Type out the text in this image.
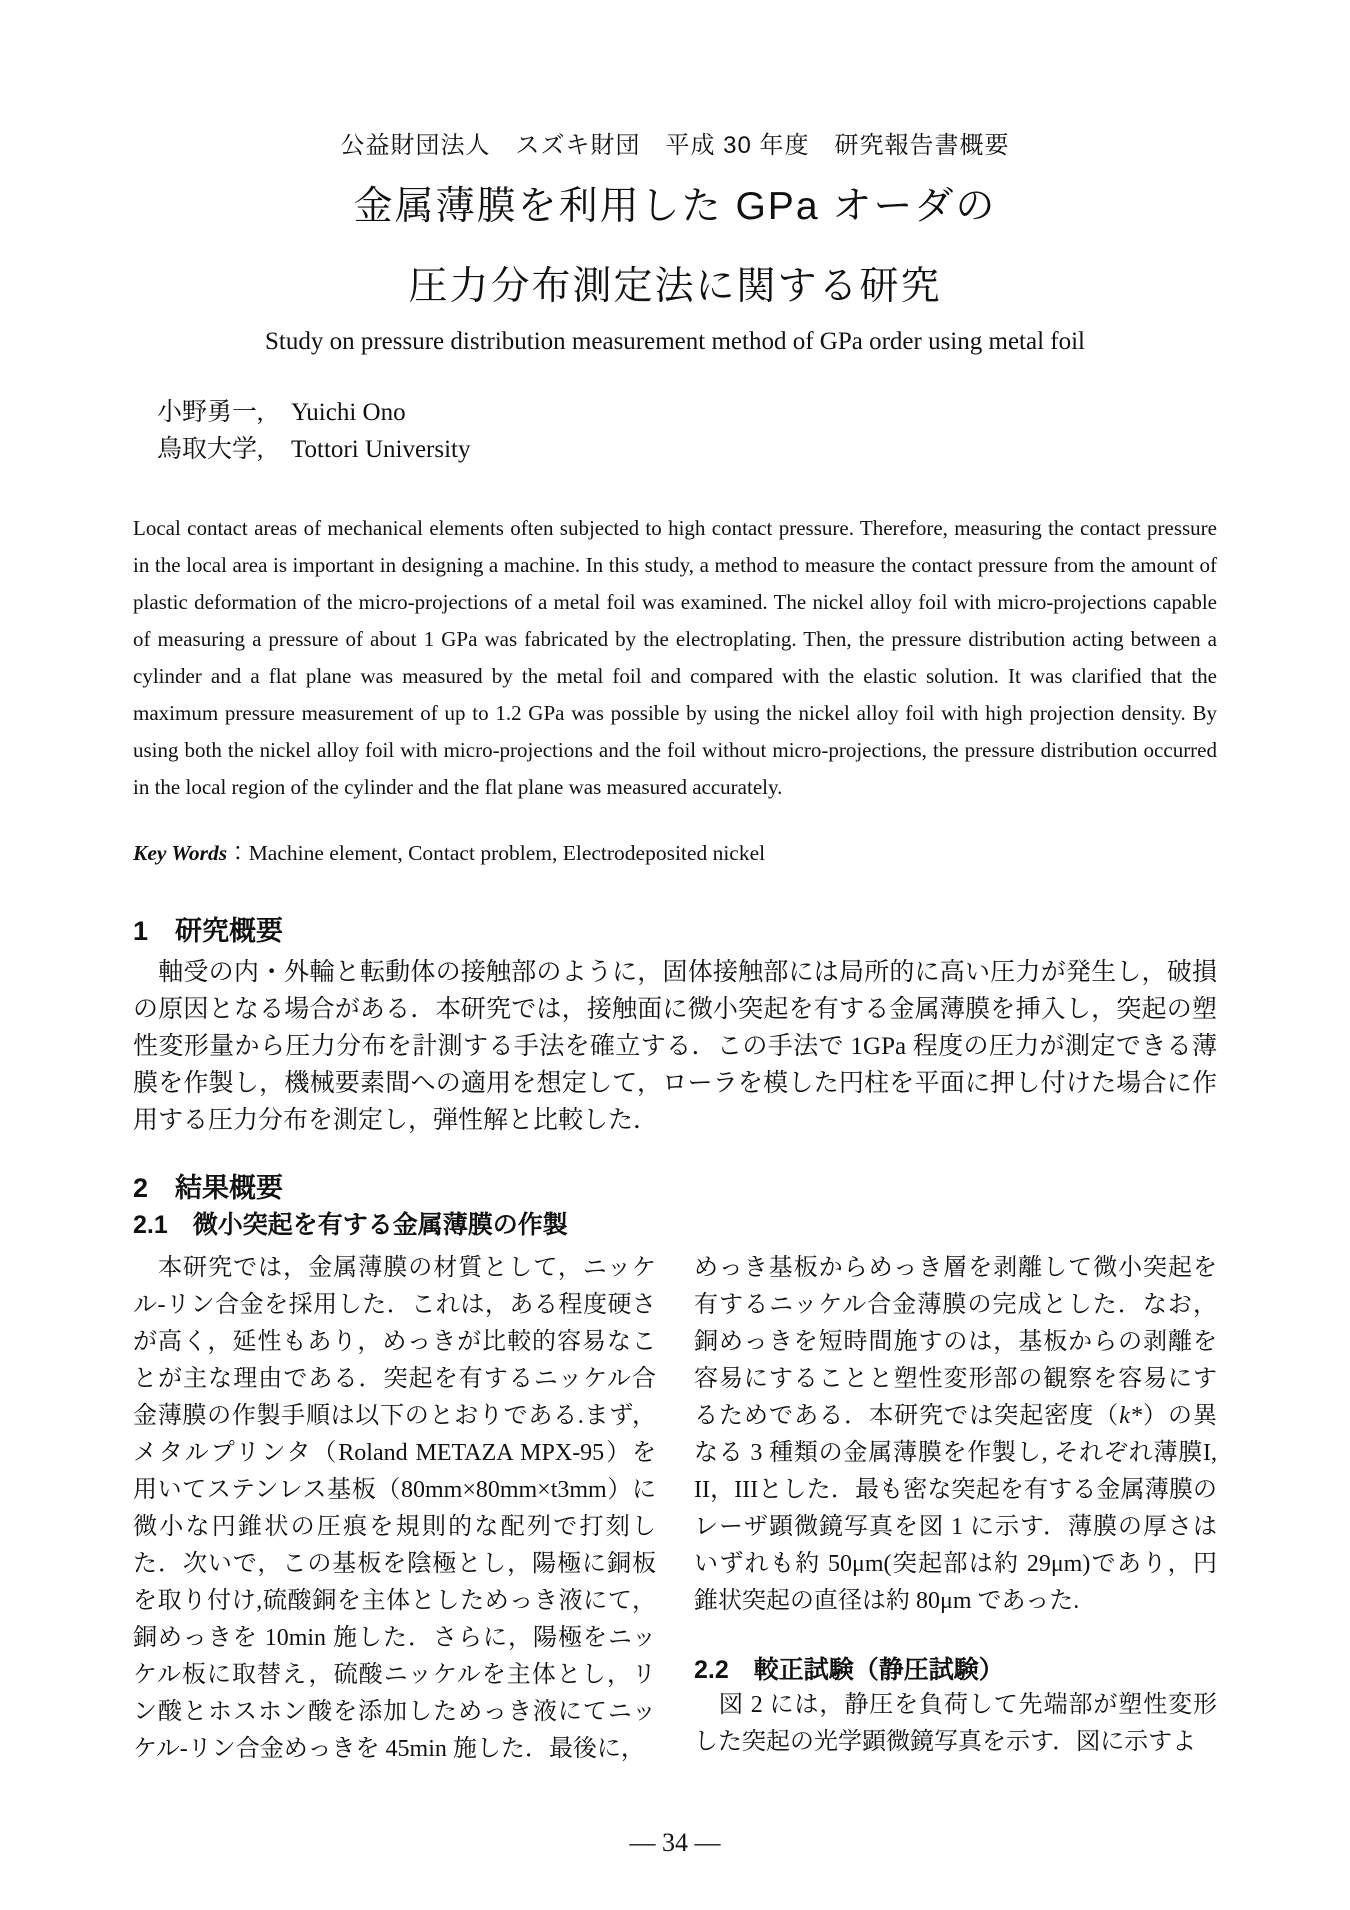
公益財団法人　スズキ財団　平成 30 年度　研究報告書概要
金属薄膜を利用した GPa オーダの
圧力分布測定法に関する研究
Study on pressure distribution measurement method of GPa order using metal foil
小野勇一,	Yuichi Ono
鳥取大学,	Tottori University
Local contact areas of mechanical elements often subjected to high contact pressure. Therefore, measuring the contact pressure in the local area is important in designing a machine. In this study, a method to measure the contact pressure from the amount of plastic deformation of the micro-projections of a metal foil was examined. The nickel alloy foil with micro-projections capable of measuring a pressure of about 1 GPa was fabricated by the electroplating. Then, the pressure distribution acting between a cylinder and a flat plane was measured by the metal foil and compared with the elastic solution. It was clarified that the maximum pressure measurement of up to 1.2 GPa was possible by using the nickel alloy foil with high projection density. By using both the nickel alloy foil with micro-projections and the foil without micro-projections, the pressure distribution occurred in the local region of the cylinder and the flat plane was measured accurately.
Key Words：Machine element, Contact problem, Electrodeposited nickel
1　研究概要
　軸受の内・外輪と転動体の接触部のように，固体接触部には局所的に高い圧力が発生し，破損の原因となる場合がある．本研究では，接触面に微小突起を有する金属薄膜を挿入し，突起の塑性変形量から圧力分布を計測する手法を確立する．この手法で 1GPa 程度の圧力が測定できる薄膜を作製し，機械要素間への適用を想定して，ローラを模した円柱を平面に押し付けた場合に作用する圧力分布を測定し，弾性解と比較した．
2　結果概要
2.1　微小突起を有する金属薄膜の作製
　本研究では，金属薄膜の材質として，ニッケル-リン合金を採用した．これは，ある程度硬さが高く，延性もあり，めっきが比較的容易なことが主な理由である．突起を有するニッケル合金薄膜の作製手順は以下のとおりである.まず，メタルプリンタ（Roland METAZA MPX-95）を用いてステンレス基板（80mm×80mm×t3mm）に微小な円錐状の圧痕を規則的な配列で打刻した．次いで，この基板を陰極とし，陽極に銅板を取り付け,硫酸銅を主体としためっき液にて，銅めっきを 10min 施した．さらに，陽極をニッケル板に取替え，硫酸ニッケルを主体とし，リン酸とホスホン酸を添加しためっき液にてニッケル-リン合金めっきを 45min 施した．最後に，
めっき基板からめっき層を剥離して微小突起を有するニッケル合金薄膜の完成とした．なお，銅めっきを短時間施すのは，基板からの剥離を容易にすることと塑性変形部の観察を容易にするためである．本研究では突起密度（k*）の異なる 3 種類の金属薄膜を作製し, それぞれ薄膜I, II，IIIとした．最も密な突起を有する金属薄膜のレーザ顕微鏡写真を図 1 に示す．薄膜の厚さはいずれも約 50μm(突起部は約 29μm)であり，円錐状突起の直径は約 80μm であった.
2.2　較正試験（静圧試験）
　図 2 には，静圧を負荷して先端部が塑性変形した突起の光学顕微鏡写真を示す．図に示すよ
— 34 —
